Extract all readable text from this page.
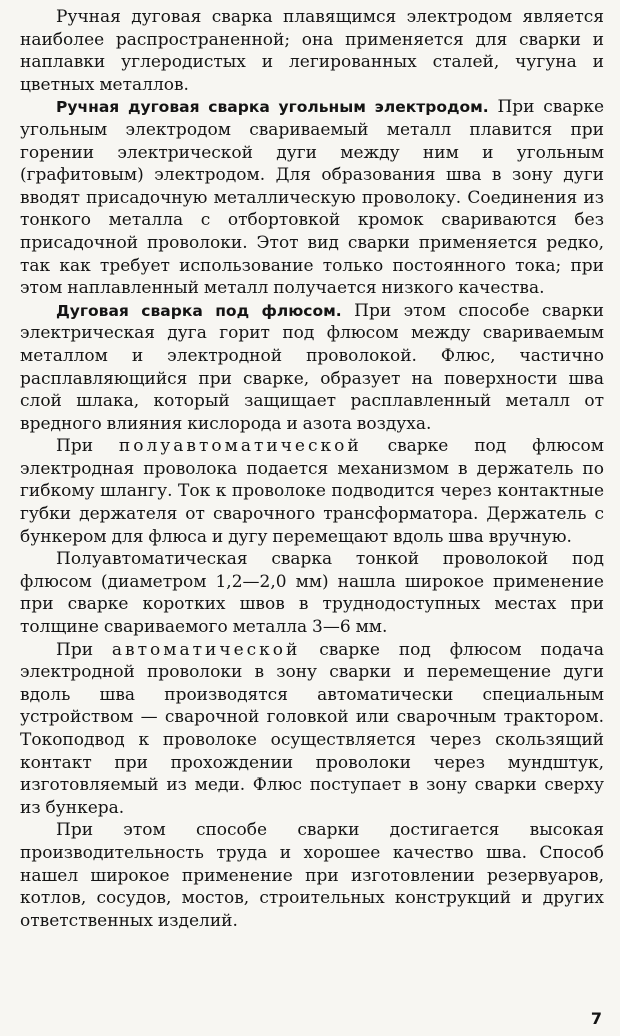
Ручная дуговая сварка плавящимся электродом является наиболее распространенной; она применяется для сварки и наплавки углеродистых и легированных сталей, чугуна и цветных металлов.

Ручная дуговая сварка угольным электродом. При сварке угольным электродом свариваемый металл плавится при горении электрической дуги между ним и угольным (графитовым) электродом. Для образования шва в зону дуги вводят присадочную металлическую проволоку. Соединения из тонкого металла с отбортовкой кромок свариваются без присадочной проволоки. Этот вид сварки применяется редко, так как требует использование только постоянного тока; при этом наплавленный металл получается низкого качества.

Дуговая сварка под флюсом. При этом способе сварки электрическая дуга горит под флюсом между свариваемым металлом и электродной проволокой. Флюс, частично расплавляющийся при сварке, образует на поверхности шва слой шлака, который защищает расплавленный металл от вредного влияния кислорода и азота воздуха.

При полуавтоматической сварке под флюсом электродная проволока подается механизмом в держатель по гибкому шлангу. Ток к проволоке подводится через контактные губки держателя от сварочного трансформатора. Держатель с бункером для флюса и дугу перемещают вдоль шва вручную.

Полуавтоматическая сварка тонкой проволокой под флюсом (диаметром 1,2—2,0 мм) нашла широкое применение при сварке коротких швов в труднодоступных местах при толщине свариваемого металла 3—6 мм.

При автоматической сварке под флюсом подача электродной проволоки в зону сварки и перемещение дуги вдоль шва производятся автоматически специальным устройством — сварочной головкой или сварочным трактором. Токоподвод к проволоке осуществляется через скользящий контакт при прохождении проволоки через мундштук, изготовляемый из меди. Флюс поступает в зону сварки сверху из бункера.

При этом способе сварки достигается высокая производительность труда и хорошее качество шва. Способ нашел широкое применение при изготовлении резервуаров, котлов, сосудов, мостов, строительных конструкций и других ответственных изделий.

7
